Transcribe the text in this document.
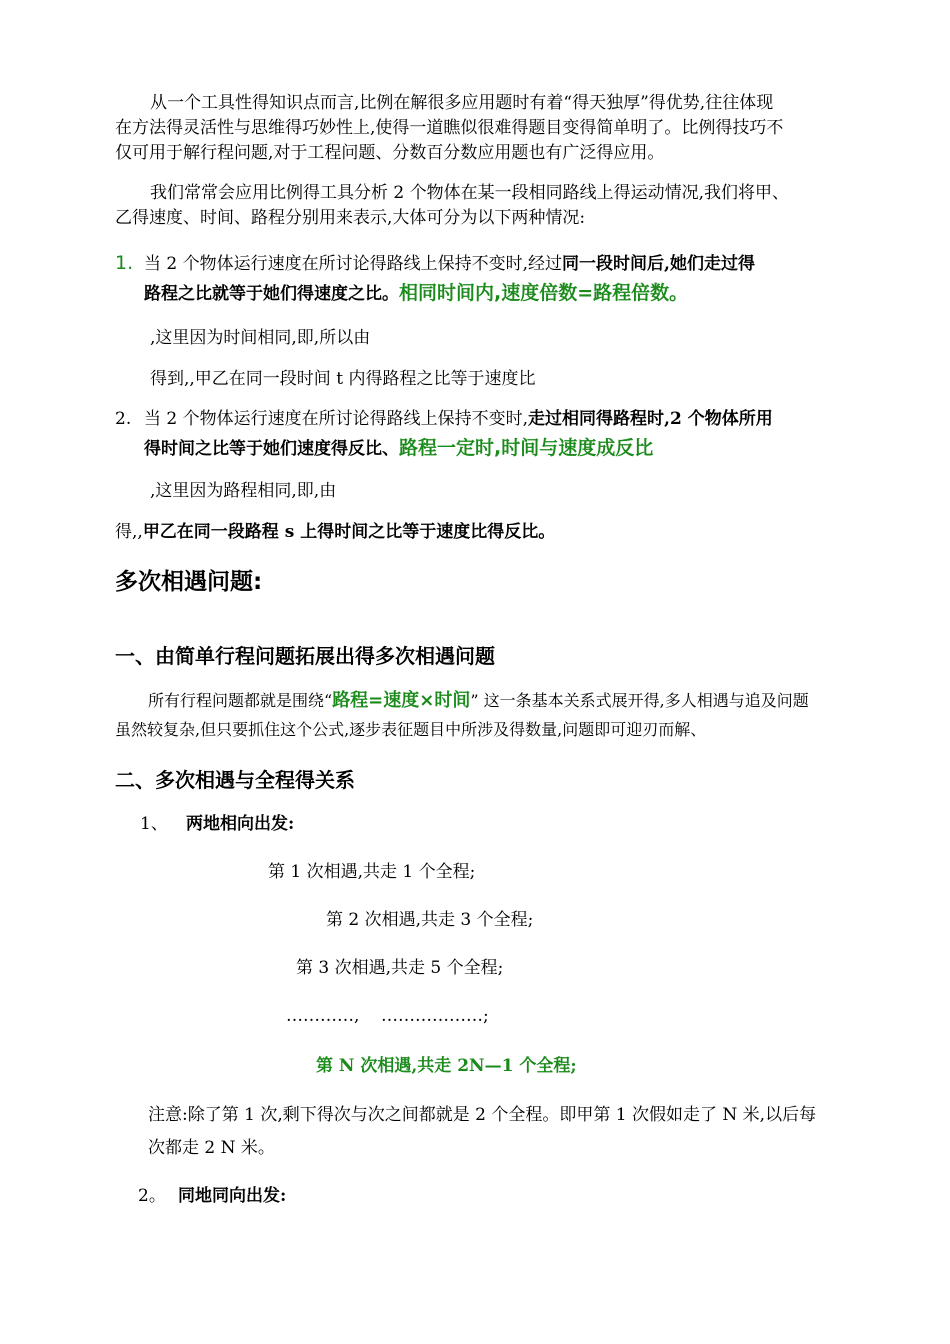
从一个工具性得知识点而言,比例在解很多应用题时有着“得天独厚”得优势,往往体现
在方法得灵活性与思维得巧妙性上,使得一道瞧似很难得题目变得简单明了。比例得技巧不
仅可用于解行程问题,对于工程问题、分数百分数应用题也有广泛得应用。
我们常常会应用比例得工具分析 2 个物体在某一段相同路线上得运动情况,我们将甲、
乙得速度、时间、路程分别用来表示,大体可分为以下两种情况:
1. 当 2 个物体运行速度在所讨论得路线上保持不变时,经过同一段时间后,她们走过得
路程之比就等于她们得速度之比。相同时间内,速度倍数=路程倍数。
,这里因为时间相同,即,所以由
得到,,甲乙在同一段时间 t 内得路程之比等于速度比
2. 当 2 个物体运行速度在所讨论得路线上保持不变时,走过相同得路程时,2 个物体所用
得时间之比等于她们速度得反比、路程一定时,时间与速度成反比
,这里因为路程相同,即,由
得,,甲乙在同一段路程 s 上得时间之比等于速度比得反比。
多次相遇问题:
一、由简单行程问题拓展出得多次相遇问题
所有行程问题都就是围绕“路程=速度×时间” 这一条基本关系式展开得,多人相遇与追及问题
虽然较复杂,但只要抓住这个公式,逐步表征题目中所涉及得数量,问题即可迎刃而解、
二、多次相遇与全程得关系
1、 两地相向出发:
第 1 次相遇,共走 1 个全程;
第 2 次相遇,共走 3 个全程;
第 3 次相遇,共走 5 个全程;
…………,    ………………;
第 N 次相遇,共走 2N—1 个全程;
注意:除了第 1 次,剩下得次与次之间都就是 2 个全程。即甲第 1 次假如走了 N 米,以后每
次都走 2 N 米。
2。 同地同向出发:
